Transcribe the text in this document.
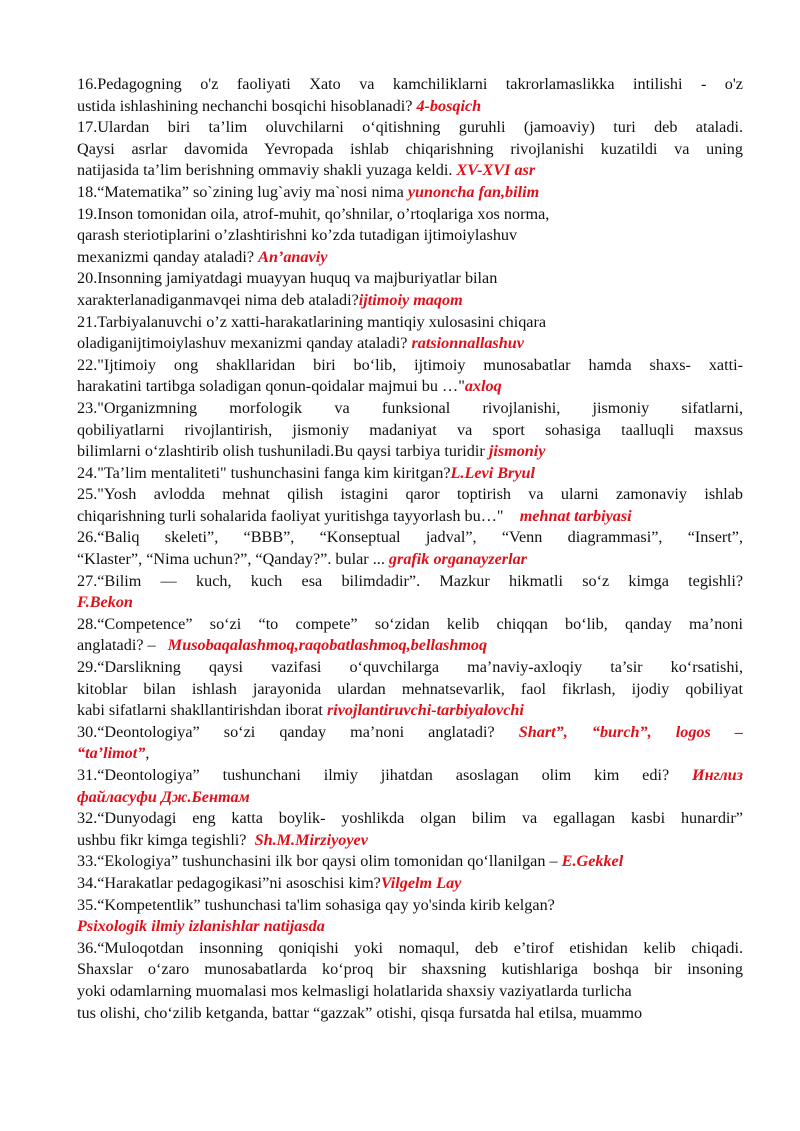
16.Pedagogning o'z faoliyati Xato va kamchiliklarni takrorlamaslikka intilishi - o'z
ustida ishlashining nechanchi bosqichi hisoblanadi? 4-bosqich
17.Ulardan biri ta’lim oluvchilarni o‘qitishning guruhli (jamoaviy) turi deb ataladi.
Qaysi asrlar davomida Yevropada ishlab chiqarishning rivojlanishi kuzatildi va uning
natijasida ta’lim berishning ommaviy shakli yuzaga keldi. XV-XVI asr
18.“Matematika” so`zining lug`aviy ma`nosi nima yunoncha fan,bilim
19.Inson tomonidan oila, atrof-muhit, qo’shnilar, o’rtoqlariga xos norma,
qarash steriotiplarini o’zlashtirishni ko’zda tutadigan ijtimoiylashuv
mexanizmi qanday ataladi? An’anaviy
20.Insonning jamiyatdagi muayyan huquq va majburiyatlar bilan
xarakterlanadiganmavqei nima deb ataladi?ijtimoiy maqom
21.Tarbiyalanuvchi o’z xatti-harakatlarining mantiqiy xulosasini chiqara
oladiganijtimoiylashuv mexanizmi qanday ataladi? ratsionnallashuv
22."Ijtimoiy ong shakllaridan biri bo‘lib, ijtimoiy munosabatlar hamda shaxs- xatti-
harakatini tartibga soladigan qonun-qoidalar majmui bu …"axloq
23."Organizmning morfologik va funksional rivojlanishi, jismoniy sifatlarni,
qobiliyatlarni rivojlantirish, jismoniy madaniyat va sport sohasiga taalluqli maxsus
bilimlarni o‘zlashtirib olish tushuniladi.Bu qaysi tarbiya turidir jismoniy
24."Ta’lim mentaliteti" tushunchasini fanga kim kiritgan?L.Levi Bryul
25."Yosh avlodda mehnat qilish istagini qaror toptirish va ularni zamonaviy ishlab
chiqarishning turli sohalarida faoliyat yuritishga tayyorlash bu…"    mehnat tarbiyasi
26.“Baliq skeleti”, “BBB”, “Konseptual jadval”, “Venn diagrammasi”, “Insert”,
“Klaster”, “Nima uchun?”, “Qanday?”. bular ... grafik organayzerlar
27.“Bilim — kuch, kuch esa bilimdadir”. Mazkur hikmatli so‘z kimga tegishli?
F.Bekon
28.“Competence” so‘zi “to compete” so‘zidan kelib chiqqan bo‘lib, qanday ma’noni
anglatadi? –   Musobaqalashmoq,raqobatlashmoq,bellashmoq
29.“Darslikning qaysi vazifasi o‘quvchilarga ma’naviy-axloqiy ta’sir ko‘rsatishi,
kitoblar bilan ishlash jarayonida ulardan mehnatsevarlik, faol fikrlash, ijodiy qobiliyat
kabi sifatlarni shakllantirishdan iborat rivojlantiruvchi-tarbiyalovchi
30.“Deontologiya” so‘zi qanday ma’noni anglatadi? Shart”, “burch”, logos –
“ta’limot”,
31.“Deontologiya” tushunchani ilmiy jihatdan asoslagan olim kim edi? Инглиз
файласуфи Дж.Бентам
32.“Dunyodagi eng katta boylik- yoshlikda olgan bilim va egallagan kasbi hunardir”
ushbu fikr kimga tegishli?  Sh.M.Mirziyoyev
33.“Ekologiya” tushunchasini ilk bor qaysi olim tomonidan qo‘llanilgan – E.Gekkel
34.“Harakatlar pedagogikasi”ni asoschisi kim?Vilgelm Lay
35.“Kompetentlik” tushunchasi ta'lim sohasiga qay yo'sinda kirib kelgan?
Psixologik ilmiy izlanishlar natijasda
36.“Muloqotdan insonning qoniqishi yoki nomaqul, deb e’tirof etishidan kelib chiqadi.
Shaxslar o‘zaro munosabatlarda ko‘proq bir shaxsning kutishlariga boshqa bir insoning
yoki odamlarning muomalasi mos kelmasligi holatlarida shaxsiy vaziyatlarda turlicha
tus olishi, cho‘zilib ketganda, battar “gazzak” otishi, qisqa fursatda hal etilsa, muammo
